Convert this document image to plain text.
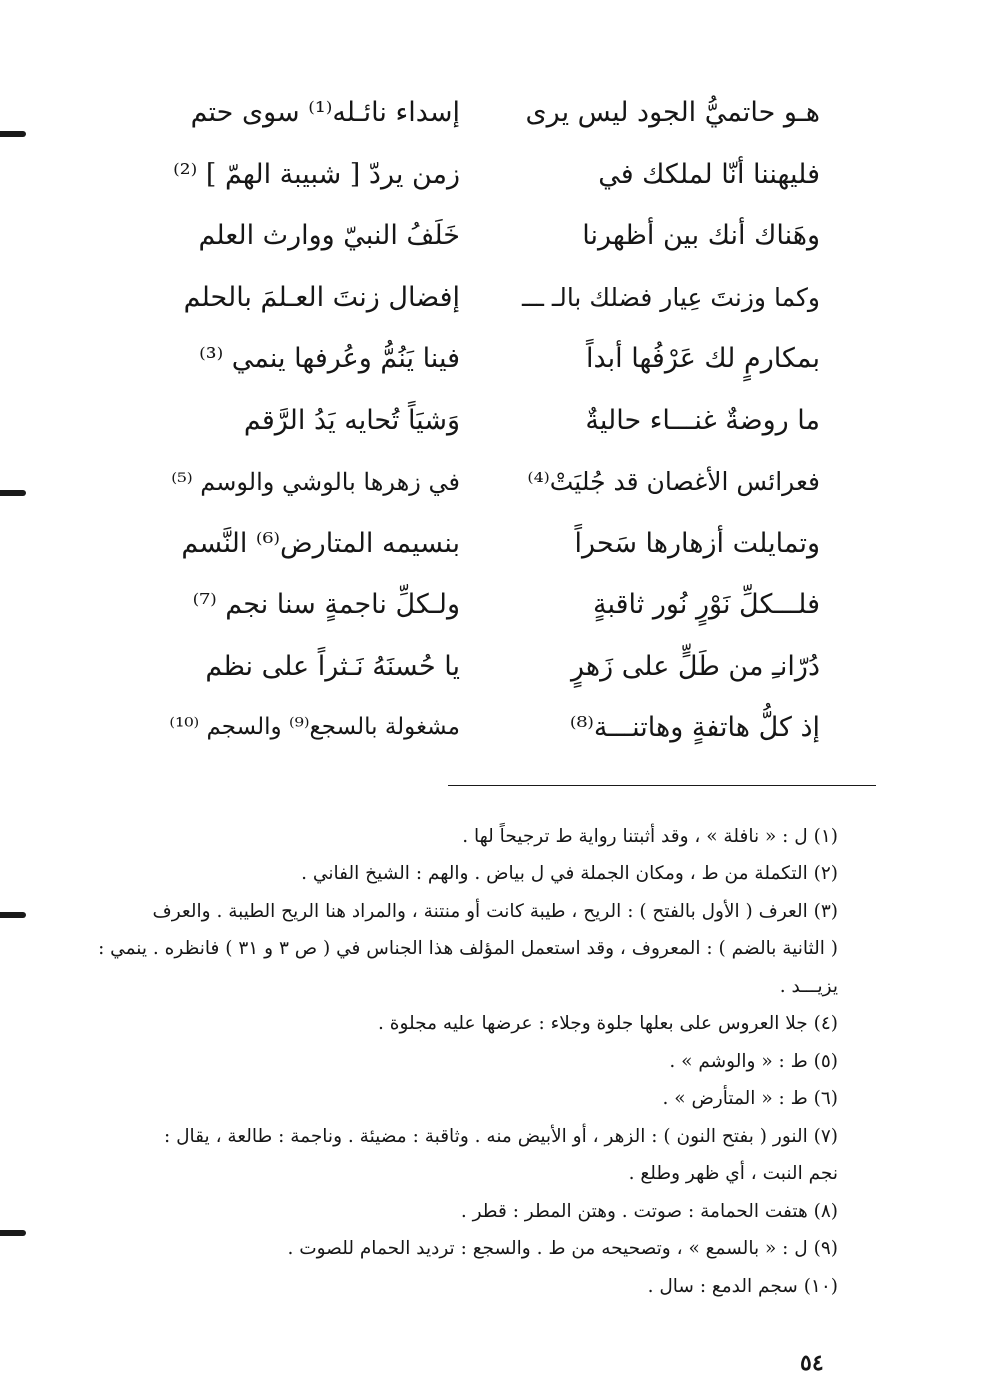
هـو حاتميُّ الجود ليس يرى
إسداء نائـله⁽¹⁾ سوى حتم
فليهننا أنّا لملكك في
زمن يردّ [ شبيبة الهمّ ] ⁽²⁾
وهَناك أنك بين أظهرنا
خَلَفُ النبيّ ووارث العلم
وكما وزنتَ عِيار فضلك بالـ ـــ
إفضال زنتَ العـلمَ بالحلم
بمكارمٍ لك عَرْفُها أبداً
فينا يَنُمُّ وعُرفها ينمي ⁽³⁾
ما روضةٌ غنـــاء حاليةٌ
وَشيَاً تُحايه يَدُ الرَّقم
فعرائس الأغصان قد جُليَتْ⁽⁴⁾
في زهرها بالوشي والوسم ⁽⁵⁾
وتمايلت أزهارها سَحراً
بنسيمه المتارض⁽⁶⁾ النَّسم
فلـــكلِّ نَوْرٍ نُور ثاقبةٍ
ولـكلِّ ناجمةٍ سنا نجم ⁽⁷⁾
دُرّانـِ من طَلٍّ على زَهرٍ
يا حُسنَهُ نَـثراً على نظم
إذ كلُّ هاتفةٍ وهاتنـــة⁽⁸⁾
مشغولة بالسجع⁽⁹⁾ والسجم ⁽¹⁰⁾
(١) ل : « نافلة » ، وقد أثبتنا رواية ط ترجيحاً لها .
(٢) التكملة من ط ، ومكان الجملة في ل بياض . والهم : الشيخ الفاني .
(٣) العرف ( الأول بالفتح ) : الريح ، طيبة كانت أو منتنة ، والمراد هنا الريح الطيبة . والعرف
( الثانية بالضم ) : المعروف ، وقد استعمل المؤلف هذا الجناس في ( ص ٣ و ٣١ ) فانظره . ينمي :
يزيـــد .
(٤) جلا العروس على بعلها جلوة وجلاء : عرضها عليه مجلوة .
(٥) ط : « والوشم » .
(٦) ط : « المتأرض » .
(٧) النور ( بفتح النون ) : الزهر ، أو الأبيض منه . وثاقبة : مضيئة . وناجمة : طالعة ، يقال :
نجم النبت ، أي ظهر وطلع .
(٨) هتفت الحمامة : صوتت . وهتن المطر : قطر .
(٩) ل : « بالسمع » ، وتصحيحه من ط . والسجع : ترديد الحمام للصوت .
(١٠) سجم الدمع : سال .
٥٤
